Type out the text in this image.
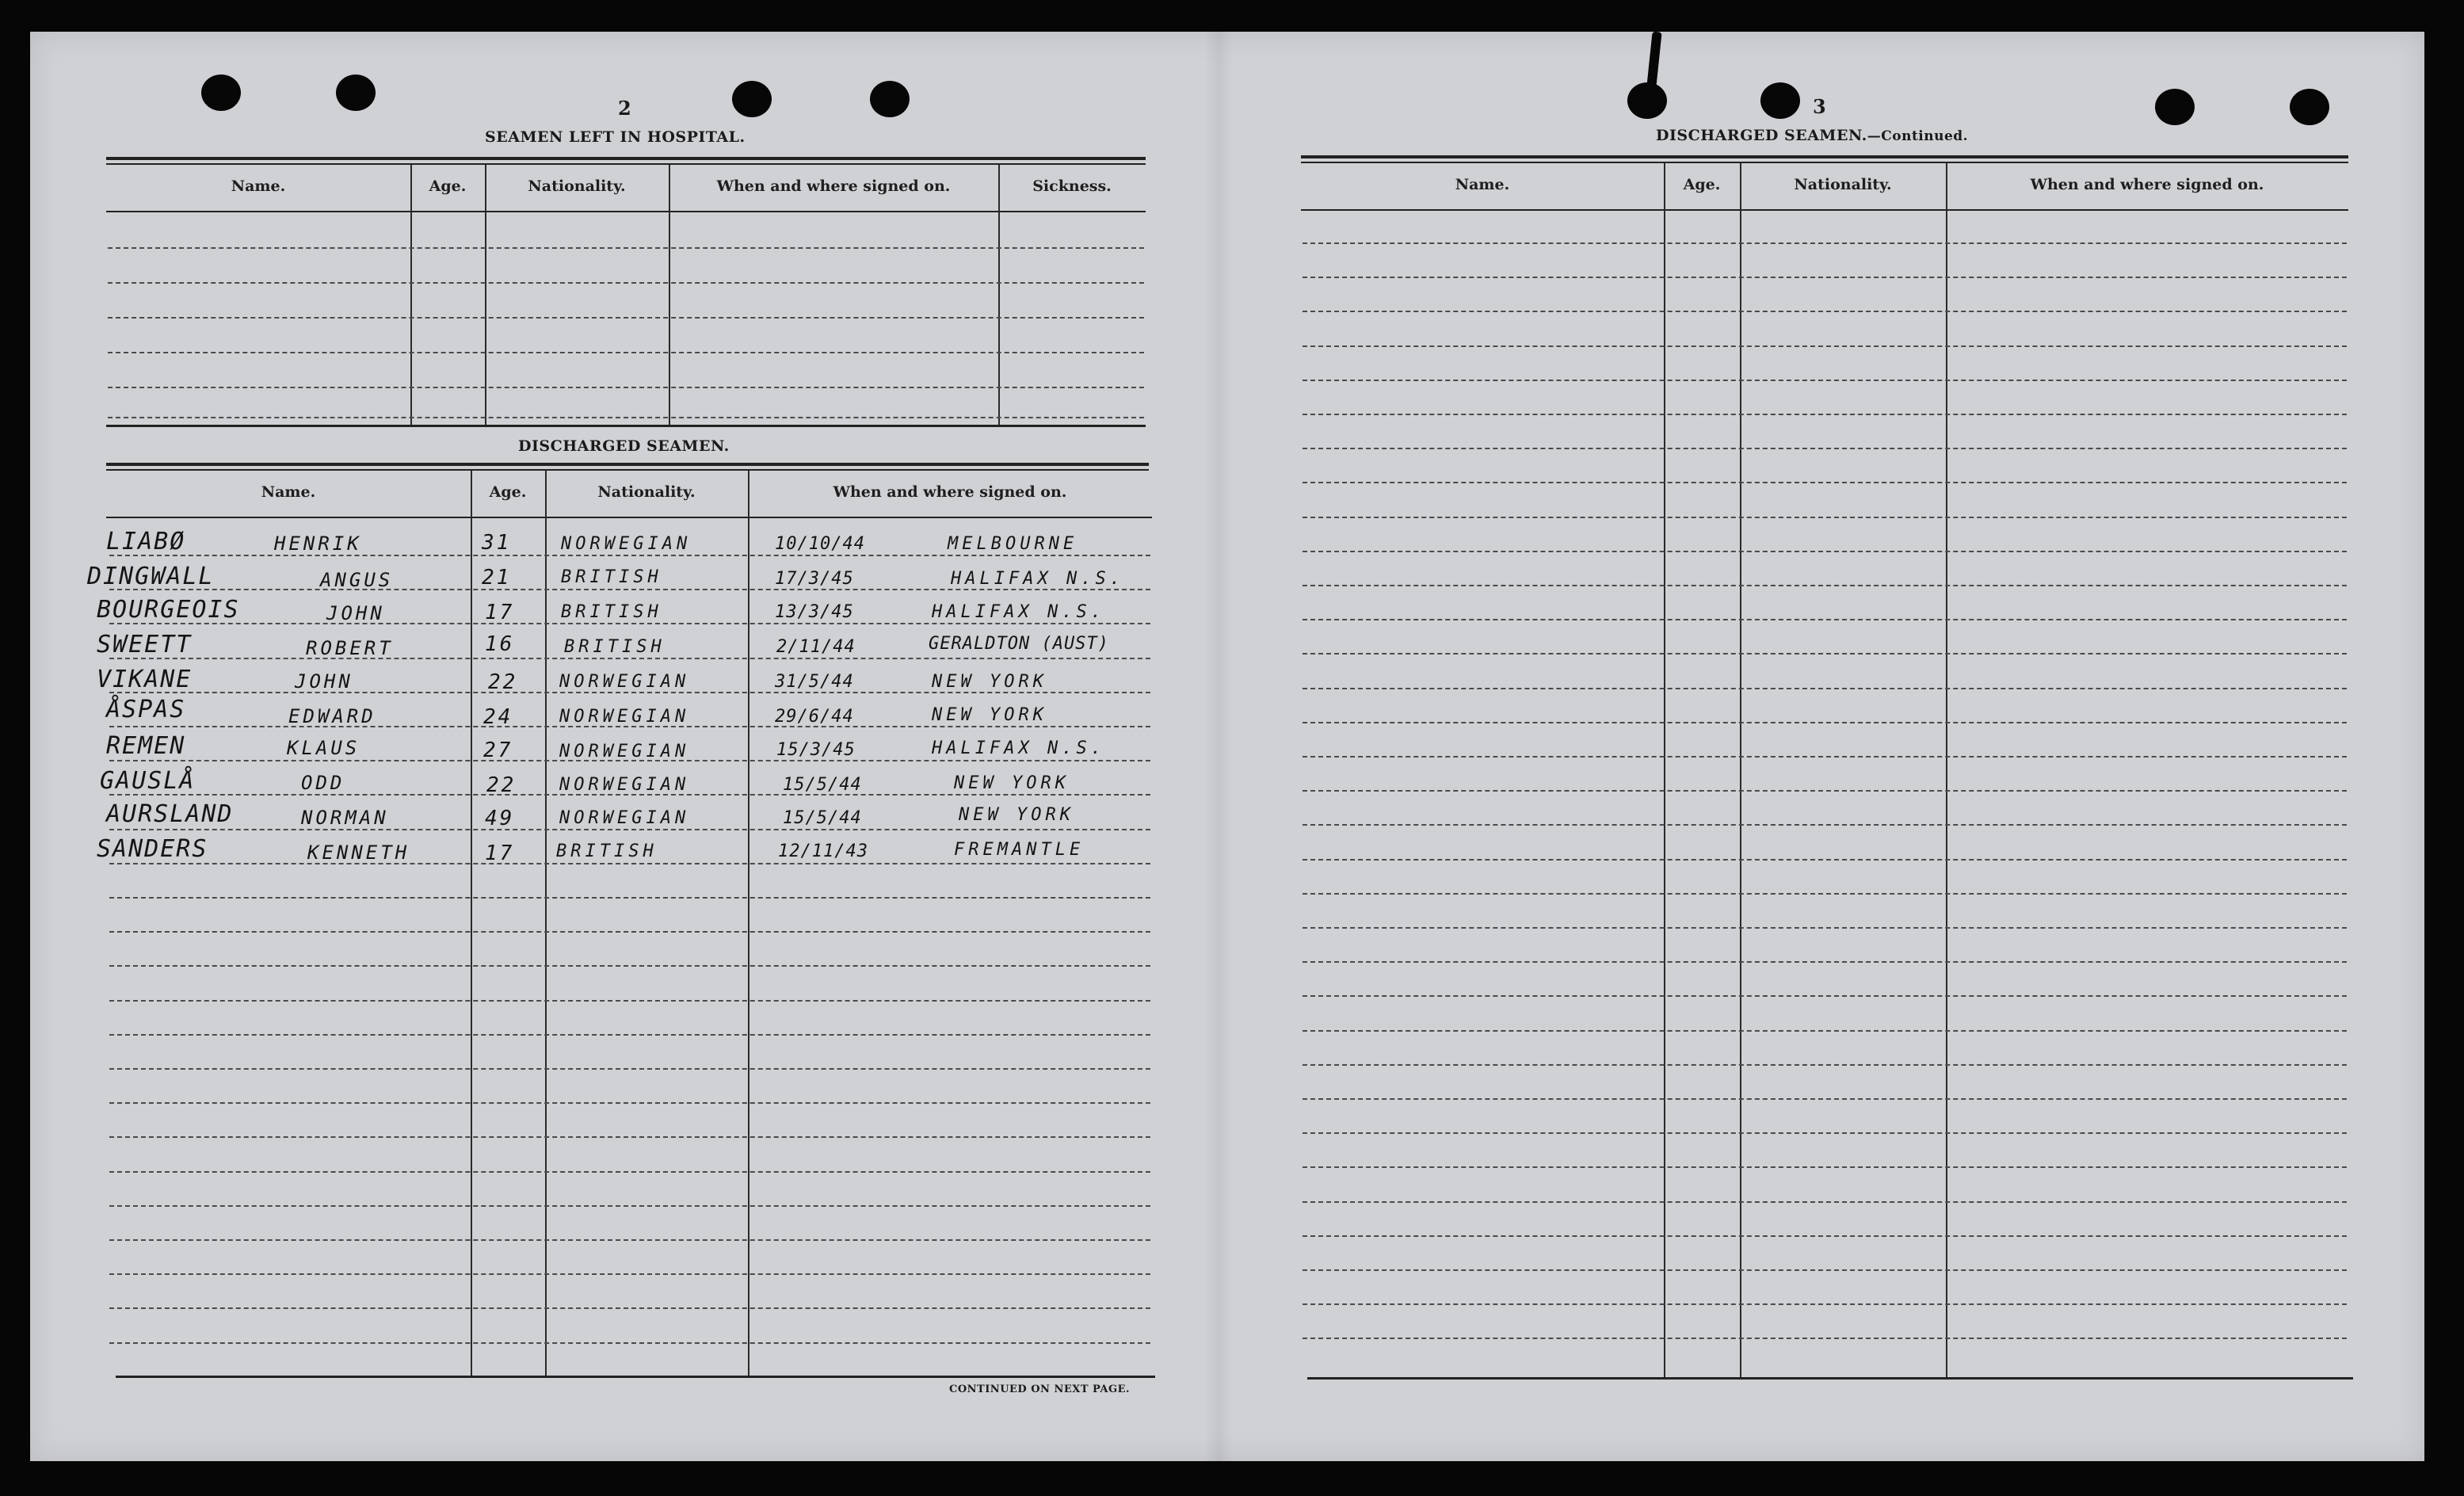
2
SEAMEN LEFT IN HOSPITAL.
Name.	Age.	Nationality.	When and where signed on.	Sickness.
DISCHARGED SEAMEN.
Name.	Age.	Nationality.	When and where signed on.
LIABØ	HENRIK	31	NORWEGIAN	10/10/44	MELBOURNE
DINGWALL	ANGUS	21	BRITISH	17/3/45	HALIFAX N.S.
BOURGEOIS	JOHN	17	BRITISH	13/3/45	HALIFAX N.S.
SWEETT	ROBERT	16	BRITISH	2/11/44	GERALDTON (AUST)
VIKANE	JOHN	22 NORWEGIAN	31/5/44	NEW YORK
ÅSPAS	EDWARD	24	NORWEGIAN	29/6/44	NEW YORK
REMEN	KLAUS	27	NORWEGIAN	15/3/45	HALIFAX N.S.
GAUSLÅ	ODD	22 NORWEGIAN	15/5/44	NEW YORK
AURSLAND	NORMAN	49	NORWEGIAN	15/5/44	NEW YORK
SANDERS	KENNETH	17 BRITISH	12/11/43	FREMANTLE
CONTINUED ON NEXT PAGE.
3
DISCHARGED SEAMEN.—Continued.
Name.	Age.	Nationality.	When and where signed on.
